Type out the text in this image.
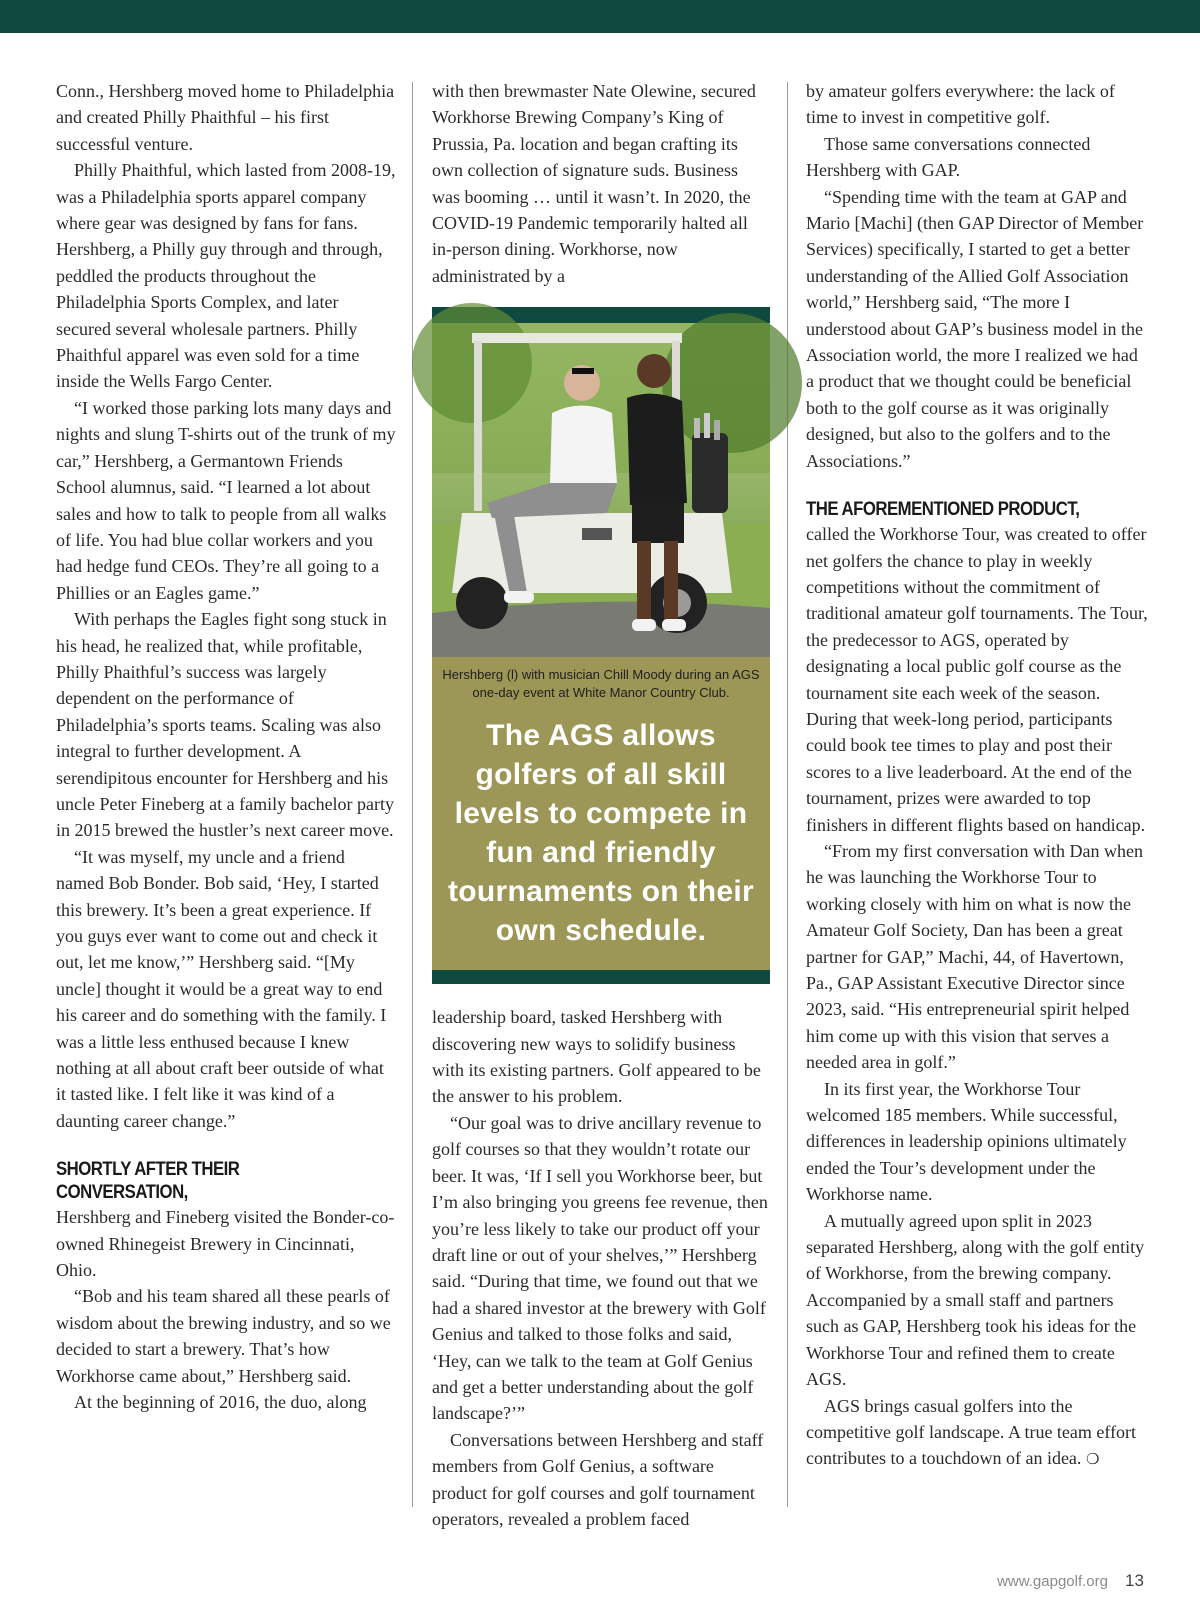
Conn., Hershberg moved home to Philadelphia and created Philly Phaithful – his first successful venture.

Philly Phaithful, which lasted from 2008-19, was a Philadelphia sports apparel company where gear was designed by fans for fans. Hershberg, a Philly guy through and through, peddled the products throughout the Philadelphia Sports Complex, and later secured several wholesale partners. Philly Phaithful apparel was even sold for a time inside the Wells Fargo Center.

“I worked those parking lots many days and nights and slung T-shirts out of the trunk of my car,” Hershberg, a Germantown Friends School alumnus, said. “I learned a lot about sales and how to talk to people from all walks of life. You had blue collar workers and you had hedge fund CEOs. They’re all going to a Phillies or an Eagles game.”

With perhaps the Eagles fight song stuck in his head, he realized that, while profitable, Philly Phaithful’s success was largely dependent on the performance of Philadelphia’s sports teams. Scaling was also integral to further development. A serendipitous encounter for Hershberg and his uncle Peter Fineberg at a family bachelor party in 2015 brewed the hustler’s next career move.

“It was myself, my uncle and a friend named Bob Bonder. Bob said, ‘Hey, I started this brewery. It’s been a great experience. If you guys ever want to come out and check it out, let me know,’” Hershberg said. “[My uncle] thought it would be a great way to end his career and do something with the family. I was a little less enthused because I knew nothing at all about craft beer outside of what it tasted like. I felt like it was kind of a daunting career change.”

SHORTLY AFTER THEIR CONVERSATION,

Hershberg and Fineberg visited the Bonder-co-owned Rhinegeist Brewery in Cincinnati, Ohio.

“Bob and his team shared all these pearls of wisdom about the brewing industry, and so we decided to start a brewery. That’s how Workhorse came about,” Hershberg said.

At the beginning of 2016, the duo, along

with then brewmaster Nate Olewine, secured Workhorse Brewing Company’s King of Prussia, Pa. location and began crafting its own collection of signature suds. Business was booming … until it wasn’t. In 2020, the COVID-19 Pandemic temporarily halted all in-person dining. Workhorse, now administrated by a

Hershberg (l) with musician Chill Moody during an AGS one-day event at White Manor Country Club.

The AGS allows golfers of all skill levels to compete in fun and friendly tournaments on their own schedule.

leadership board, tasked Hershberg with discovering new ways to solidify business with its existing partners. Golf appeared to be the answer to his problem.

“Our goal was to drive ancillary revenue to golf courses so that they wouldn’t rotate our beer. It was, ‘If I sell you Workhorse beer, but I’m also bringing you greens fee revenue, then you’re less likely to take our product off your draft line or out of your shelves,’” Hershberg said. “During that time, we found out that we had a shared investor at the brewery with Golf Genius and talked to those folks and said, ‘Hey, can we talk to the team at Golf Genius and get a better understanding about the golf landscape?’”

Conversations between Hershberg and staff members from Golf Genius, a software product for golf courses and golf tournament operators, revealed a problem faced

by amateur golfers everywhere: the lack of time to invest in competitive golf.

Those same conversations connected Hershberg with GAP.

“Spending time with the team at GAP and Mario [Machi] (then GAP Director of Member Services) specifically, I started to get a better understanding of the Allied Golf Association world,” Hershberg said, “The more I understood about GAP’s business model in the Association world, the more I realized we had a product that we thought could be beneficial both to the golf course as it was originally designed, but also to the golfers and to the Associations.”

THE AFOREMENTIONED PRODUCT,

called the Workhorse Tour, was created to offer net golfers the chance to play in weekly competitions without the commitment of traditional amateur golf tournaments. The Tour, the predecessor to AGS, operated by designating a local public golf course as the tournament site each week of the season. During that week-long period, participants could book tee times to play and post their scores to a live leaderboard. At the end of the tournament, prizes were awarded to top finishers in different flights based on handicap.

“From my first conversation with Dan when he was launching the Workhorse Tour to working closely with him on what is now the Amateur Golf Society, Dan has been a great partner for GAP,” Machi, 44, of Havertown, Pa., GAP Assistant Executive Director since 2023, said. “His entrepreneurial spirit helped him come up with this vision that serves a needed area in golf.”

In its first year, the Workhorse Tour welcomed 185 members. While successful, differences in leadership opinions ultimately ended the Tour’s development under the Workhorse name.

A mutually agreed upon split in 2023 separated Hershberg, along with the golf entity of Workhorse, from the brewing company. Accompanied by a small staff and partners such as GAP, Hershberg took his ideas for the Workhorse Tour and refined them to create AGS.

AGS brings casual golfers into the competitive golf landscape. A true team effort contributes to a touchdown of an idea. ❍

www.gapgolf.org 13
